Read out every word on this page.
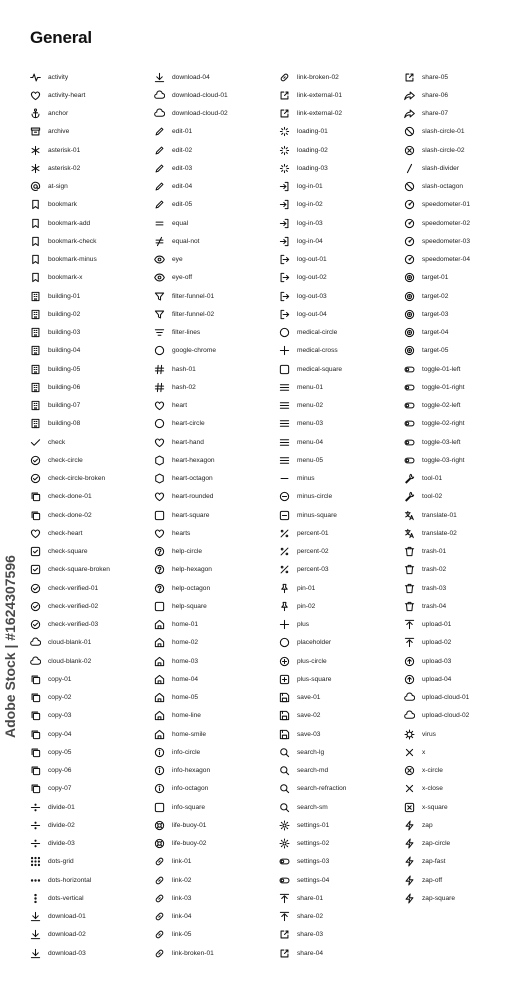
General
activity
activity-heart
anchor
archive
asterisk-01
asterisk-02
at-sign
bookmark
bookmark-add
bookmark-check
bookmark-minus
bookmark-x
building-01
building-02
building-03
building-04
building-05
building-06
building-07
building-08
check
check-circle
check-circle-broken
check-done-01
check-done-02
check-heart
check-square
check-square-broken
check-verified-01
check-verified-02
check-verified-03
cloud-blank-01
cloud-blank-02
copy-01
copy-02
copy-03
copy-04
copy-05
copy-06
copy-07
divide-01
divide-02
divide-03
dots-grid
dots-horizontal
dots-vertical
download-01
download-02
download-03
download-04
download-cloud-01
download-cloud-02
edit-01
edit-02
edit-03
edit-04
edit-05
equal
equal-not
eye
eye-off
filter-funnel-01
filter-funnel-02
filter-lines
google-chrome
hash-01
hash-02
heart
heart-circle
heart-hand
heart-hexagon
heart-octagon
heart-rounded
heart-square
hearts
help-circle
help-hexagon
help-octagon
help-square
home-01
home-02
home-03
home-04
home-05
home-line
home-smile
info-circle
info-hexagon
info-octagon
info-square
life-buoy-01
life-buoy-02
link-01
link-02
link-03
link-04
link-05
link-broken-01
link-broken-02
link-external-01
link-external-02
loading-01
loading-02
loading-03
log-in-01
log-in-02
log-in-03
log-in-04
log-out-01
log-out-02
log-out-03
log-out-04
medical-circle
medical-cross
medical-square
menu-01
menu-02
menu-03
menu-04
menu-05
minus
minus-circle
minus-square
percent-01
percent-02
percent-03
pin-01
pin-02
plus
placeholder
plus-circle
plus-square
save-01
save-02
save-03
search-lg
search-md
search-refraction
search-sm
settings-01
settings-02
settings-03
settings-04
share-01
share-02
share-03
share-04
share-05
share-06
share-07
slash-circle-01
slash-circle-02
slash-divider
slash-octagon
speedometer-01
speedometer-02
speedometer-03
speedometer-04
target-01
target-02
target-03
target-04
target-05
toggle-01-left
toggle-01-right
toggle-02-left
toggle-02-right
toggle-03-left
toggle-03-right
tool-01
tool-02
translate-01
translate-02
trash-01
trash-02
trash-03
trash-04
upload-01
upload-02
upload-03
upload-04
upload-cloud-01
upload-cloud-02
virus
x
x-circle
x-close
x-square
zap
zap-circle
zap-fast
zap-off
zap-square
Adobe Stock | #1624307596
